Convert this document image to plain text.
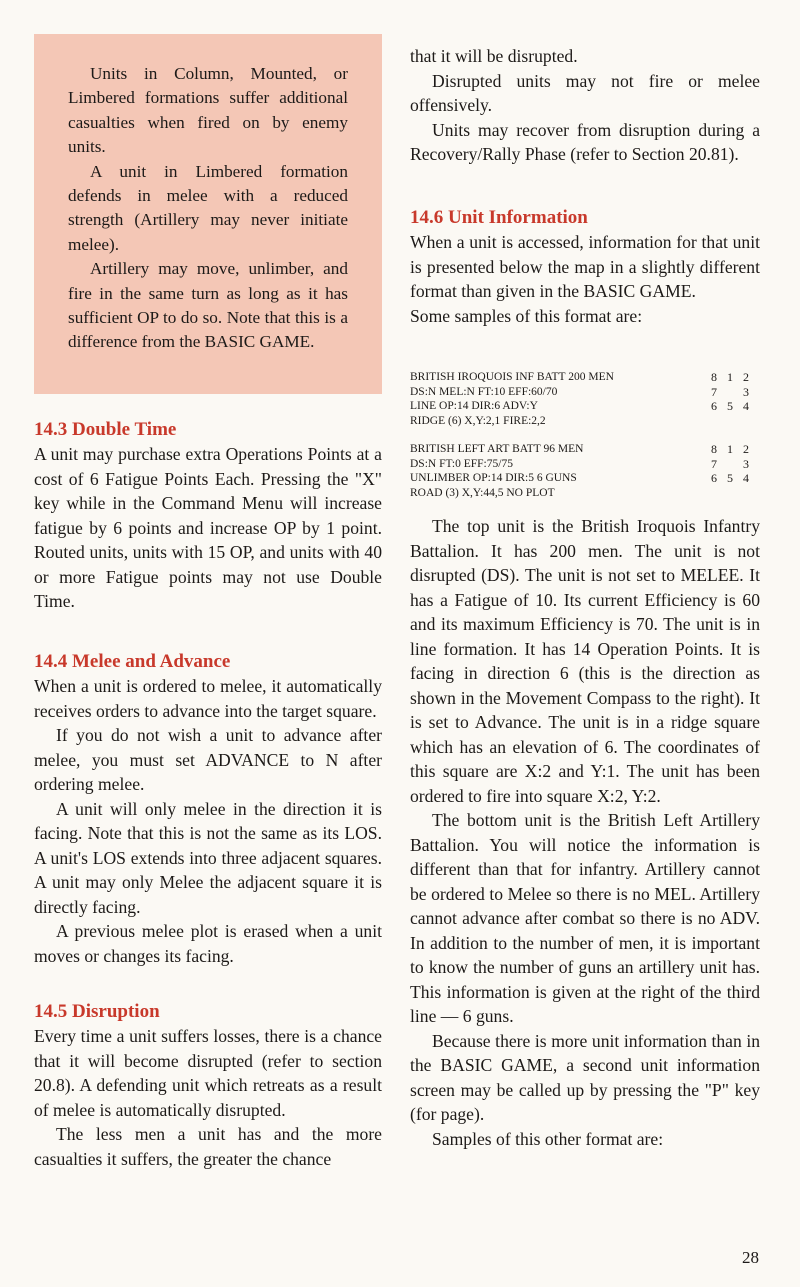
Units in Column, Mounted, or Limbered formations suffer additional casualties when fired on by enemy units.

A unit in Limbered formation defends in melee with a reduced strength (Artillery may never initiate melee).

Artillery may move, unlimber, and fire in the same turn as long as it has sufficient OP to do so. Note that this is a difference from the BASIC GAME.

14.3 Double Time

A unit may purchase extra Operations Points at a cost of 6 Fatigue Points Each. Pressing the "X" key while in the Command Menu will increase fatigue by 6 points and increase OP by 1 point. Routed units, units with 15 OP, and units with 40 or more Fatigue points may not use Double Time.

14.4 Melee and Advance

When a unit is ordered to melee, it automatically receives orders to advance into the target square.

If you do not wish a unit to advance after melee, you must set ADVANCE to N after ordering melee.

A unit will only melee in the direction it is facing. Note that this is not the same as its LOS. A unit's LOS extends into three adjacent squares. A unit may only Melee the adjacent square it is directly facing.

A previous melee plot is erased when a unit moves or changes its facing.

14.5 Disruption

Every time a unit suffers losses, there is a chance that it will become disrupted (refer to section 20.8). A defending unit which retreats as a result of melee is automatically disrupted.

The less men a unit has and the more casualties it suffers, the greater the chance

that it will be disrupted.

Disrupted units may not fire or melee offensively.

Units may recover from disruption during a Recovery/Rally Phase (refer to Section 20.81).

14.6 Unit Information

When a unit is accessed, information for that unit is presented below the map in a slightly different format than given in the BASIC GAME.

Some samples of this format are:

BRITISH IROQUOIS INF BATT 200 MEN	8 1 2
DS:N MEL:N FT:10 EFF:60/70	7 3
LINE OP:14 DIR:6 ADV:Y	6 5 4
RIDGE (6) X,Y:2,1 FIRE:2,2
BRITISH LEFT ART BATT 96 MEN	8 1 2
DS:N FT:0 EFF:75/75	7 3
UNLIMBER OP:14 DIR:5 6 GUNS	6 5 4
ROAD (3) X,Y:44,5 NO PLOT

The top unit is the British Iroquois Infantry Battalion. It has 200 men. The unit is not disrupted (DS). The unit is not set to MELEE. It has a Fatigue of 10. Its current Efficiency is 60 and its maximum Efficiency is 70. The unit is in line formation. It has 14 Operation Points. It is facing in direction 6 (this is the direction as shown in the Movement Compass to the right). It is set to Advance. The unit is in a ridge square which has an elevation of 6. The coordinates of this square are X:2 and Y:1. The unit has been ordered to fire into square X:2, Y:2.

The bottom unit is the British Left Artillery Battalion. You will notice the information is different than that for infantry. Artillery cannot be ordered to Melee so there is no MEL. Artillery cannot advance after combat so there is no ADV. In addition to the number of men, it is important to know the number of guns an artillery unit has. This information is given at the right of the third line — 6 guns.

Because there is more unit information than in the BASIC GAME, a second unit information screen may be called up by pressing the "P" key (for page).

Samples of this other format are:

28
